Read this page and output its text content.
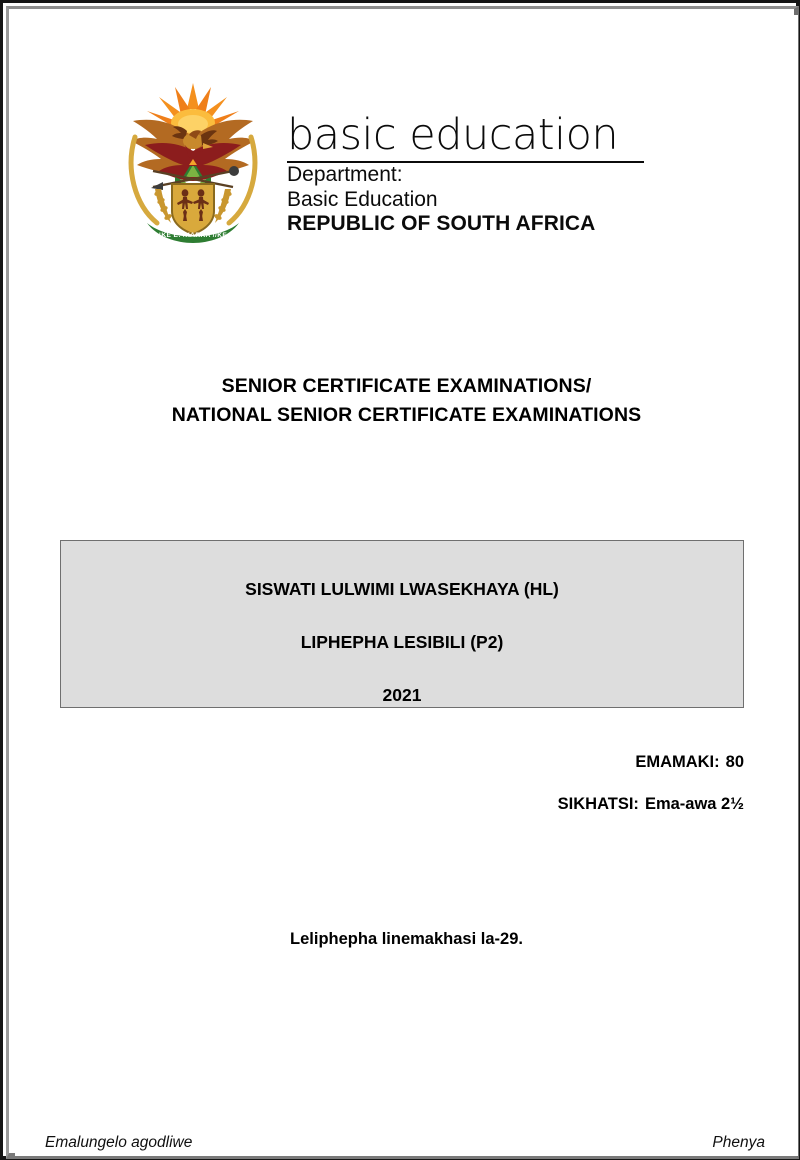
!KE E: /XARRA //KE
basic education
Department:
Basic Education
REPUBLIC OF SOUTH AFRICA
SENIOR CERTIFICATE EXAMINATIONS/
NATIONAL SENIOR CERTIFICATE EXAMINATIONS
SISWATI LULWIMI LWASEKHAYA (HL)
LIPHEPHA LESIBILI (P2)
2021
EMAMAKI: 80
SIKHATSI: Ema-awa 2½
Leliphepha linemakhasi la-29.
Emalungelo agodliwe	Phenya
